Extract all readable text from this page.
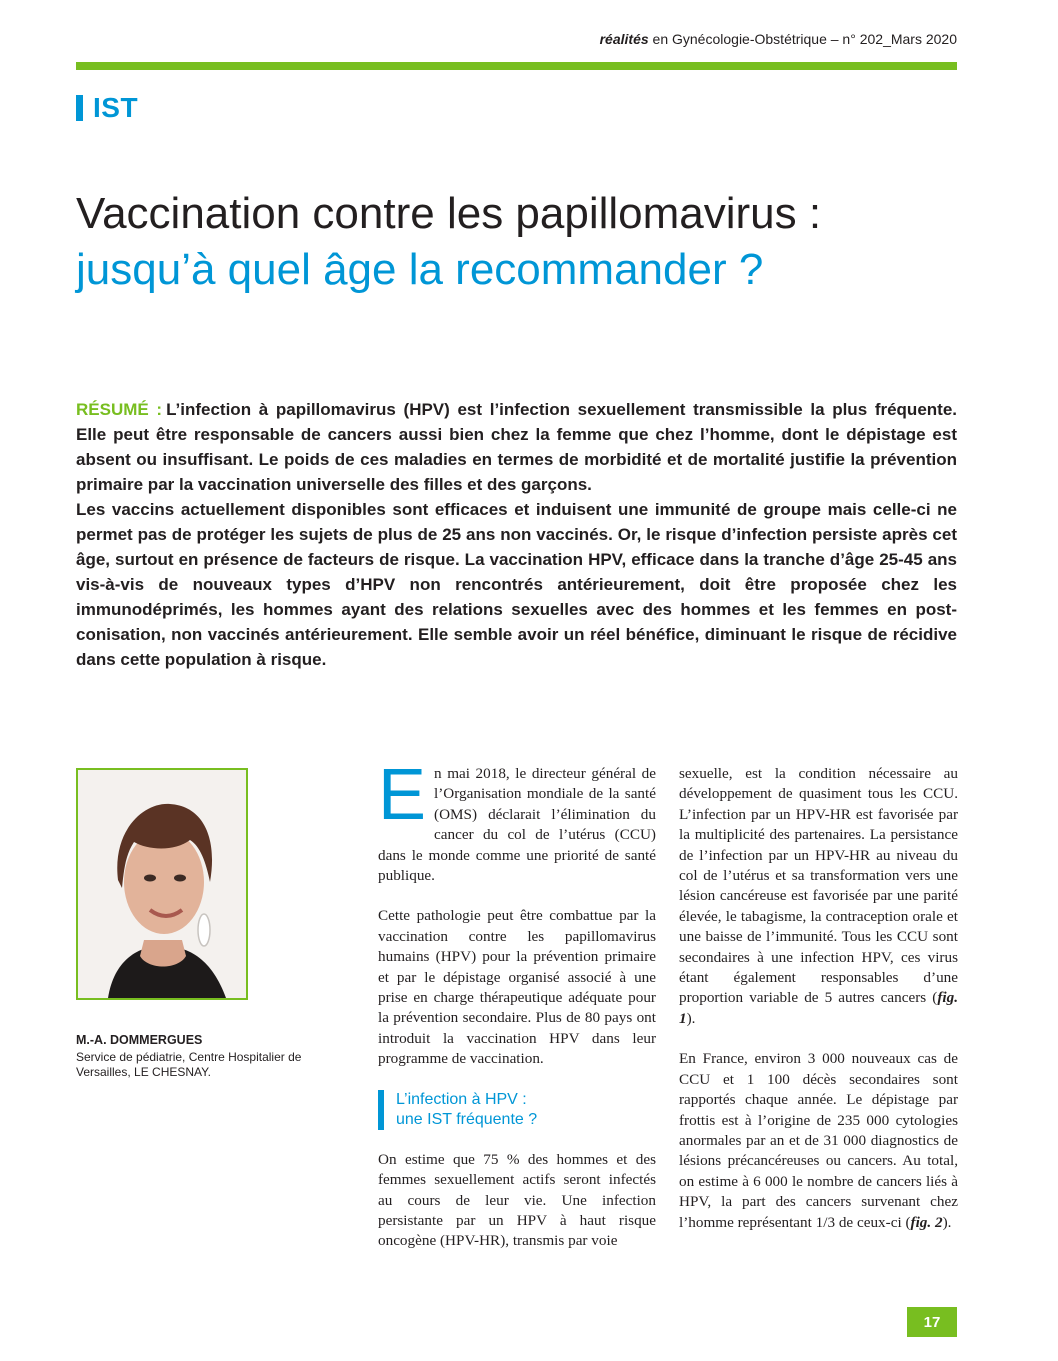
réalités en Gynécologie-Obstétrique – n° 202_Mars 2020
IST
Vaccination contre les papillomavirus :
jusqu’à quel âge la recommander ?

RÉSUMÉ : L’infection à papillomavirus (HPV) est l’infection sexuellement transmissible la plus fréquente. Elle peut être responsable de cancers aussi bien chez la femme que chez l’homme, dont le dépistage est absent ou insuffisant. Le poids de ces maladies en termes de morbidité et de mortalité justifie la prévention primaire par la vaccination universelle des filles et des garçons.

Les vaccins actuellement disponibles sont efficaces et induisent une immunité de groupe mais celle-ci ne permet pas de protéger les sujets de plus de 25 ans non vaccinés. Or, le risque d’infection persiste après cet âge, surtout en présence de facteurs de risque. La vaccination HPV, efficace dans la tranche d’âge 25-45 ans vis-à-vis de nouveaux types d’HPV non rencontrés antérieurement, doit être proposée chez les immunodéprimés, les hommes ayant des relations sexuelles avec des hommes et les femmes en post-conisation, non vaccinés antérieurement. Elle semble avoir un réel bénéfice, diminuant le risque de récidive dans cette population à risque.

M.-A. DOMMERGUES
Service de pédiatrie, Centre Hospitalier de Versailles, LE CHESNAY.

En mai 2018, le directeur général de l’Organisation mondiale de la santé (OMS) déclarait l’élimination du cancer du col de l’utérus (CCU) dans le monde comme une priorité de santé publique.

Cette pathologie peut être combattue par la vaccination contre les papillomavirus humains (HPV) pour la prévention primaire et par le dépistage organisé associé à une prise en charge thérapeutique adéquate pour la prévention secondaire. Plus de 80 pays ont introduit la vaccination HPV dans leur programme de vaccination.

L’infection à HPV :
une IST fréquente ?

On estime que 75 % des hommes et des femmes sexuellement actifs seront infectés au cours de leur vie. Une infection persistante par un HPV à haut risque oncogène (HPV-HR), transmis par voie

sexuelle, est la condition nécessaire au développement de quasiment tous les CCU. L’infection par un HPV-HR est favorisée par la multiplicité des partenaires. La persistance de l’infection par un HPV-HR au niveau du col de l’utérus et sa transformation vers une lésion cancéreuse est favorisée par une parité élevée, le tabagisme, la contraception orale et une baisse de l’immunité. Tous les CCU sont secondaires à une infection HPV, ces virus étant également responsables d’une proportion variable de 5 autres cancers (fig. 1).

En France, environ 3 000 nouveaux cas de CCU et 1 100 décès secondaires sont rapportés chaque année. Le dépistage par frottis est à l’origine de 235 000 cytologies anormales par an et de 31 000 diagnostics de lésions précancéreuses ou cancers. Au total, on estime à 6 000 le nombre de cancers liés à HPV, la part des cancers survenant chez l’homme représentant 1/3 de ceux-ci (fig. 2).

17
